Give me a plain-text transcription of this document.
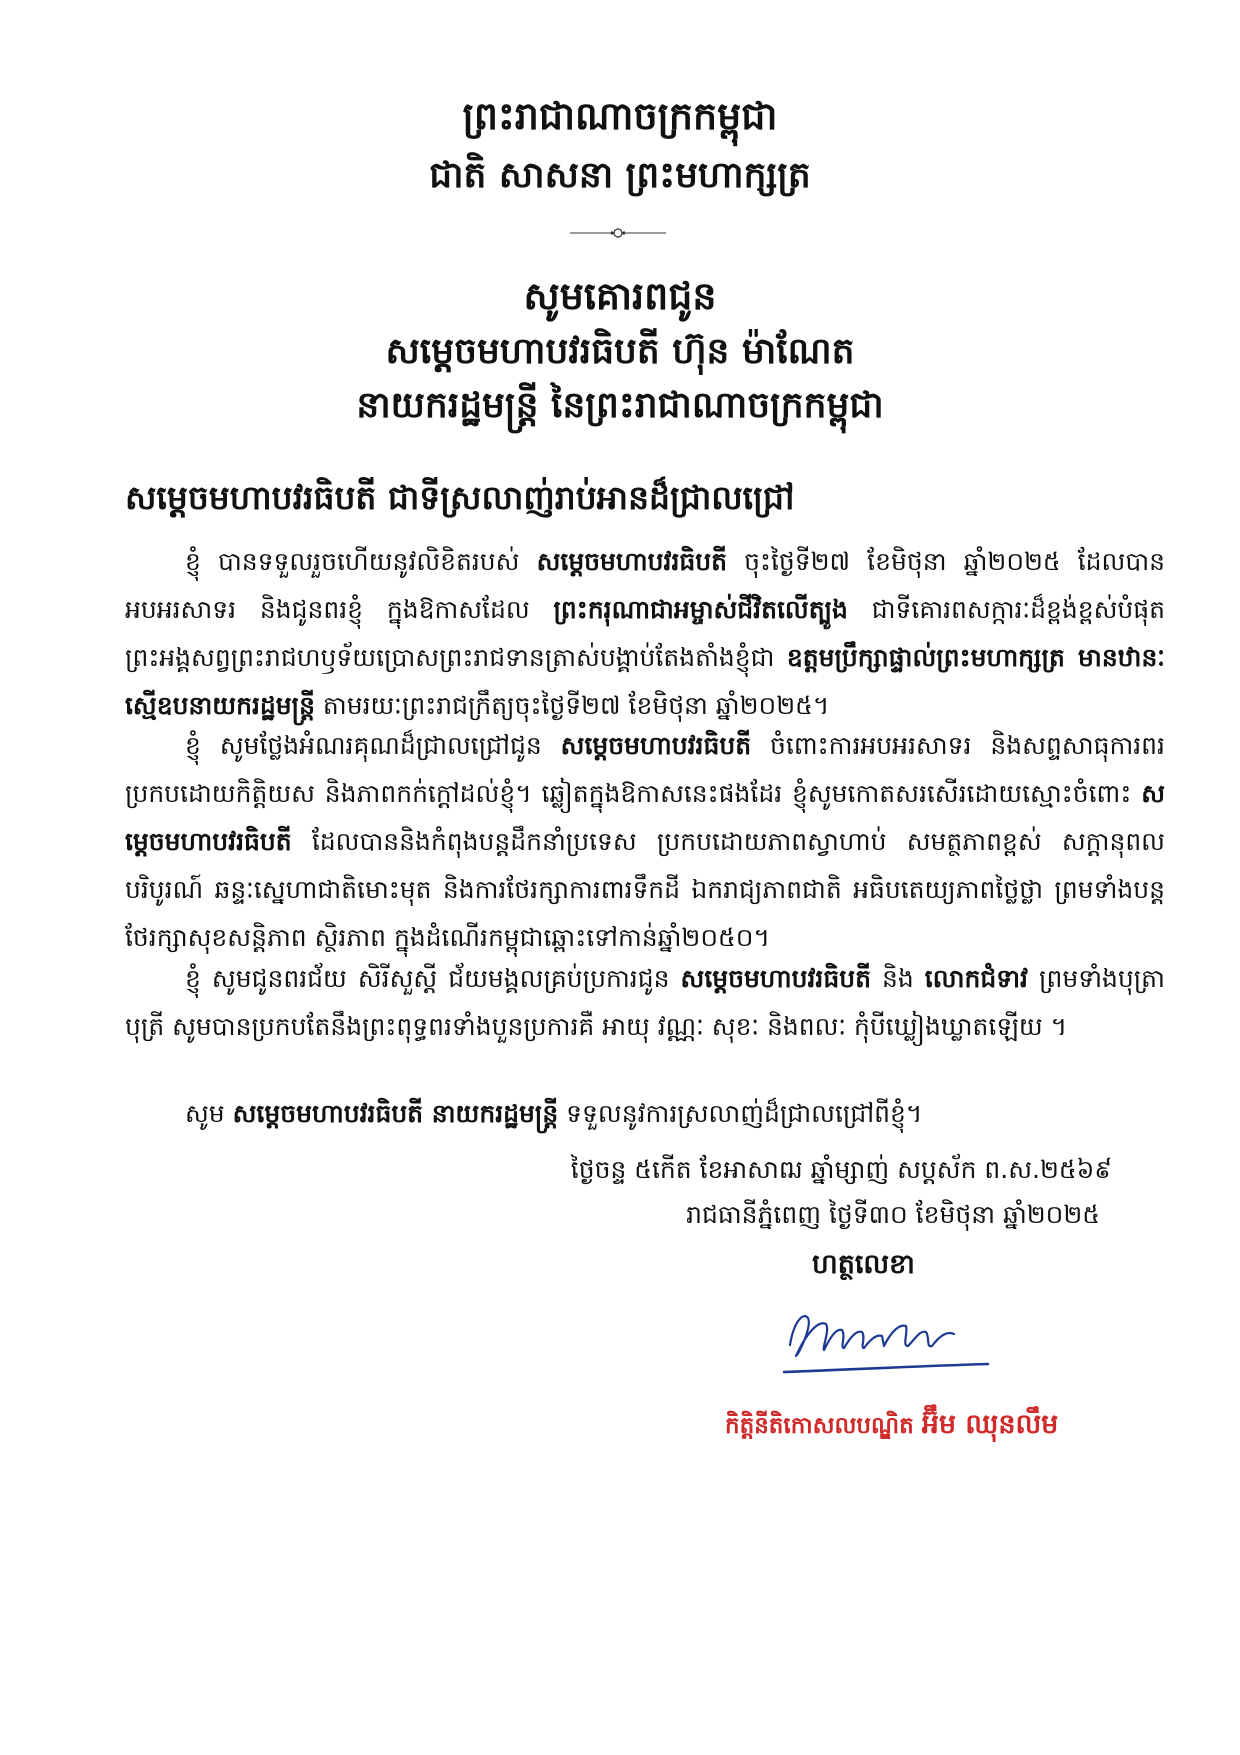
ព្រះរាជាណាចក្រកម្ពុជា
ជាតិ សាសនា ព្រះមហាក្សត្រ
សូមគោរពជូន
សម្តេចមហាបវរធិបតី ហ៊ុន ម៉ាណែត
នាយករដ្ឋមន្ត្រី នៃព្រះរាជាណាចក្រកម្ពុជា
សម្តេចមហាបវរធិបតី ជាទីស្រលាញ់រាប់អានដ៏ជ្រាលជ្រៅ
ខ្ញុំ បានទទួលរួចហើយនូវលិខិតរបស់ សម្តេចមហាបវរធិបតី ចុះថ្ងៃទី២៧ ខែមិថុនា ឆ្នាំ២០២៥ ដែលបានអបអរសាទរ និងជូនពរខ្ញុំ ក្នុងឱកាសដែល ព្រះករុណាជាអម្ចាស់ជីវិតលើត្បូង ជាទីគោរពសក្ការៈដ៏ខ្ពង់ខ្ពស់បំផុត ព្រះអង្គសព្វព្រះរាជហឫទ័យប្រោសព្រះរាជទានត្រាស់បង្គាប់តែងតាំងខ្ញុំជា ឧត្តមប្រឹក្សាផ្ទាល់ព្រះមហាក្សត្រ មានឋានៈស្មើឧបនាយករដ្ឋមន្ត្រី តាមរយៈព្រះរាជក្រឹត្យចុះថ្ងៃទី២៧ ខែមិថុនា ឆ្នាំ២០២៥។
ខ្ញុំ សូមថ្លែងអំណរគុណដ៏ជ្រាលជ្រៅជូន សម្តេចមហាបវរធិបតី ចំពោះការអបអរសាទរ និងសព្ទសាធុការពរប្រកបដោយកិត្តិយស និងភាពកក់ក្តៅដល់ខ្ញុំ។ ឆ្លៀតក្នុងឱកាសនេះផងដែរ ខ្ញុំសូមកោតសរសើរដោយស្មោះចំពោះ សម្តេចមហាបវរធិបតី ដែលបាននិងកំពុងបន្តដឹកនាំប្រទេស ប្រកបដោយភាពស្វាហាប់ សមត្ថភាពខ្ពស់ សក្តានុពលបរិបូរណ៍ ឆន្ទៈស្នេហាជាតិមោះមុត និងការថែរក្សាការពារទឹកដី ឯករាជ្យភាពជាតិ អធិបតេយ្យភាពថ្លៃថ្លា ព្រមទាំងបន្តថែរក្សាសុខសន្តិភាព ស្ថិរភាព ក្នុងដំណើរកម្ពុជាឆ្ពោះទៅកាន់ឆ្នាំ២០៥០។
ខ្ញុំ សូមជូនពរជ័យ សិរីសួស្តី ជ័យមង្គលគ្រប់ប្រការជូន សម្តេចមហាបវរធិបតី និង លោកជំទាវ ព្រមទាំងបុត្រា បុត្រី សូមបានប្រកបតែនឹងព្រះពុទ្ធពរទាំងបួនប្រការគឺ អាយុ វណ្ណៈ សុខៈ និងពលៈ កុំបីឃ្លៀងឃ្លាតឡើយ ។
សូម សម្តេចមហាបវរធិបតី នាយករដ្ឋមន្ត្រី ទទួលនូវការស្រលាញ់ដ៏ជ្រាលជ្រៅពីខ្ញុំ។
ថ្ងៃចន្ទ ៥កើត ខែអាសាឍ ឆ្នាំម្សាញ់ សប្តស័ក ព.ស.២៥៦៩
រាជធានីភ្នំពេញ ថ្ងៃទី៣០ ខែមិថុនា ឆ្នាំ២០២៥
ហត្ថលេខា
កិត្តិនីតិកោសលបណ្ឌិត អ៊ឹម ឈុនលឹម
